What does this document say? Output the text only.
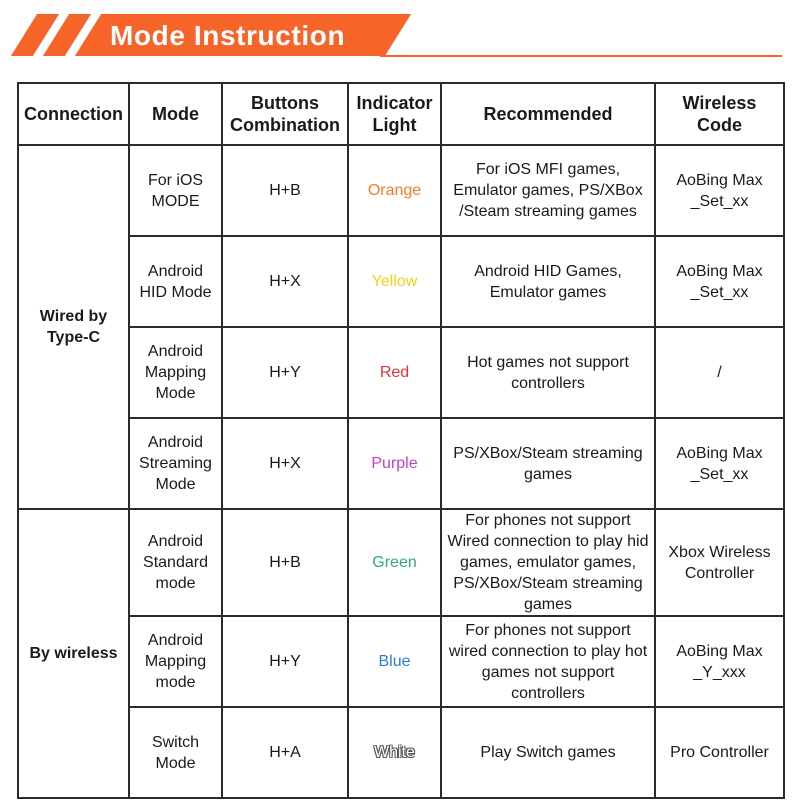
Mode Instruction
Connection	Mode	Buttons Combination	Indicator Light	Recommended	Wireless Code
Wired by Type-C	For iOS MODE	H+B	Orange	For iOS MFI games, Emulator games, PS/XBox /Steam streaming games	AoBing Max _Set_xx
	Android HID Mode	H+X	Yellow	Android HID Games, Emulator games	AoBing Max _Set_xx
	Android Mapping Mode	H+Y	Red	Hot games not support controllers	/
	Android Streaming Mode	H+X	Purple	PS/XBox/Steam streaming games	AoBing Max _Set_xx
By wireless	Android Standard mode	H+B	Green	For phones not support Wired connection to play hid games, emulator games, PS/XBox/Steam streaming games	Xbox Wireless Controller
	Android Mapping mode	H+Y	Blue	For phones not support wired connection to play hot games not support controllers	AoBing Max _Y_xxx
	Switch Mode	H+A	White	Play Switch games	Pro Controller
